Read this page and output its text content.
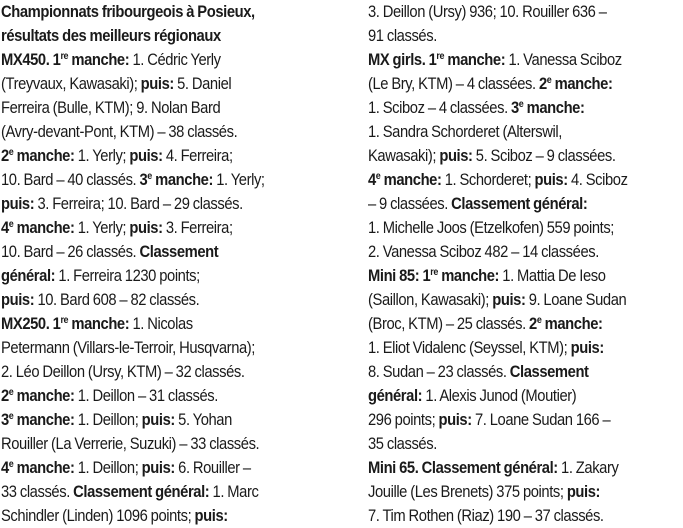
Championnats fribourgeois à Posieux,
résultats des meilleurs régionaux
MX450. 1re manche: 1. Cédric Yerly
(Treyvaux, Kawasaki); puis: 5. Daniel
Ferreira (Bulle, KTM); 9. Nolan Bard
(Avry-devant-Pont, KTM) – 38 classés.
2e manche: 1. Yerly; puis: 4. Ferreira;
10. Bard – 40 classés. 3e manche: 1. Yerly;
puis: 3. Ferreira; 10. Bard – 29 classés.
4e manche: 1. Yerly; puis: 3. Ferreira;
10. Bard – 26 classés. Classement
général: 1. Ferreira 1230 points;
puis: 10. Bard 608 – 82 classés.
MX250. 1re manche: 1. Nicolas
Petermann (Villars-le-Terroir, Husqvarna);
2. Léo Deillon (Ursy, KTM) – 32 classés.
2e manche: 1. Deillon – 31 classés.
3e manche: 1. Deillon; puis: 5. Yohan
Rouiller (La Verrerie, Suzuki) – 33 classés.
4e manche: 1. Deillon; puis: 6. Rouiller –
33 classés. Classement général: 1. Marc
Schindler (Linden) 1096 points; puis:
3. Deillon (Ursy) 936; 10. Rouiller 636 –
91 classés.
MX girls. 1re manche: 1. Vanessa Sciboz
(Le Bry, KTM) – 4 classées. 2e manche:
1. Sciboz – 4 classées. 3e manche:
1. Sandra Schorderet (Alterswil,
Kawasaki); puis: 5. Sciboz – 9 classées.
4e manche: 1. Schorderet; puis: 4. Sciboz
– 9 classées. Classement général:
1. Michelle Joos (Etzelkofen) 559 points;
2. Vanessa Sciboz 482 – 14 classées.
Mini 85: 1re manche: 1. Mattia De Ieso
(Saillon, Kawasaki); puis: 9. Loane Sudan
(Broc, KTM) – 25 classés. 2e manche:
1. Eliot Vidalenc (Seyssel, KTM); puis:
8. Sudan – 23 classés. Classement
général: 1. Alexis Junod (Moutier)
296 points; puis: 7. Loane Sudan 166 –
35 classés.
Mini 65. Classement général: 1. Zakary
Jouille (Les Brenets) 375 points; puis:
7. Tim Rothen (Riaz) 190 – 37 classés.
